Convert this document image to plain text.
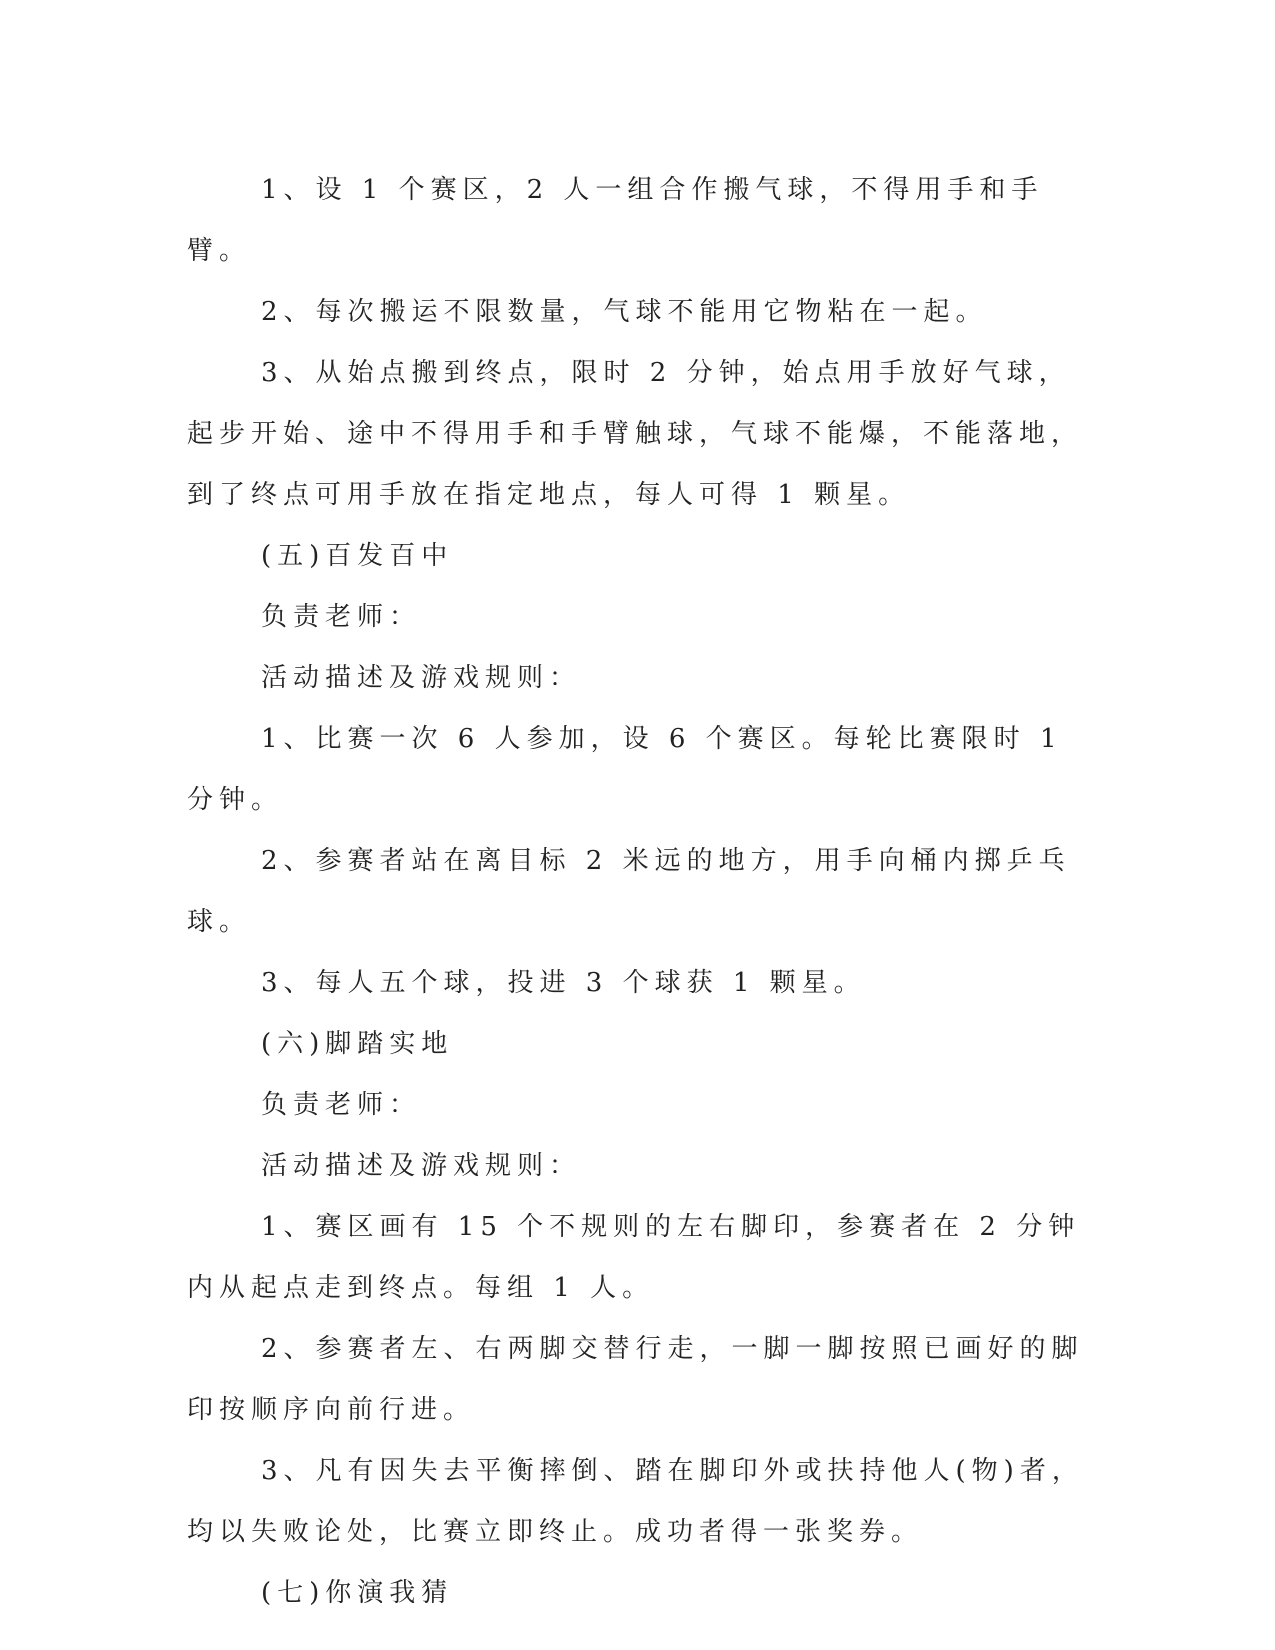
1、设 1 个赛区，2 人一组合作搬气球，不得用手和手臂。

2、每次搬运不限数量，气球不能用它物粘在一起。

3、从始点搬到终点，限时 2 分钟，始点用手放好气球，起步开始、途中不得用手和手臂触球，气球不能爆，不能落地，到了终点可用手放在指定地点，每人可得 1 颗星。

(五)百发百中

负责老师：

活动描述及游戏规则：

1、比赛一次 6 人参加，设 6 个赛区。每轮比赛限时 1 分钟。

2、参赛者站在离目标 2 米远的地方，用手向桶内掷乒乓球。

3、每人五个球，投进 3 个球获 1 颗星。

(六)脚踏实地

负责老师：

活动描述及游戏规则：

1、赛区画有 15 个不规则的左右脚印，参赛者在 2 分钟内从起点走到终点。每组 1 人。

2、参赛者左、右两脚交替行走，一脚一脚按照已画好的脚印按顺序向前行进。

3、凡有因失去平衡摔倒、踏在脚印外或扶持他人(物)者，均以失败论处，比赛立即终止。成功者得一张奖券。

(七)你演我猜
